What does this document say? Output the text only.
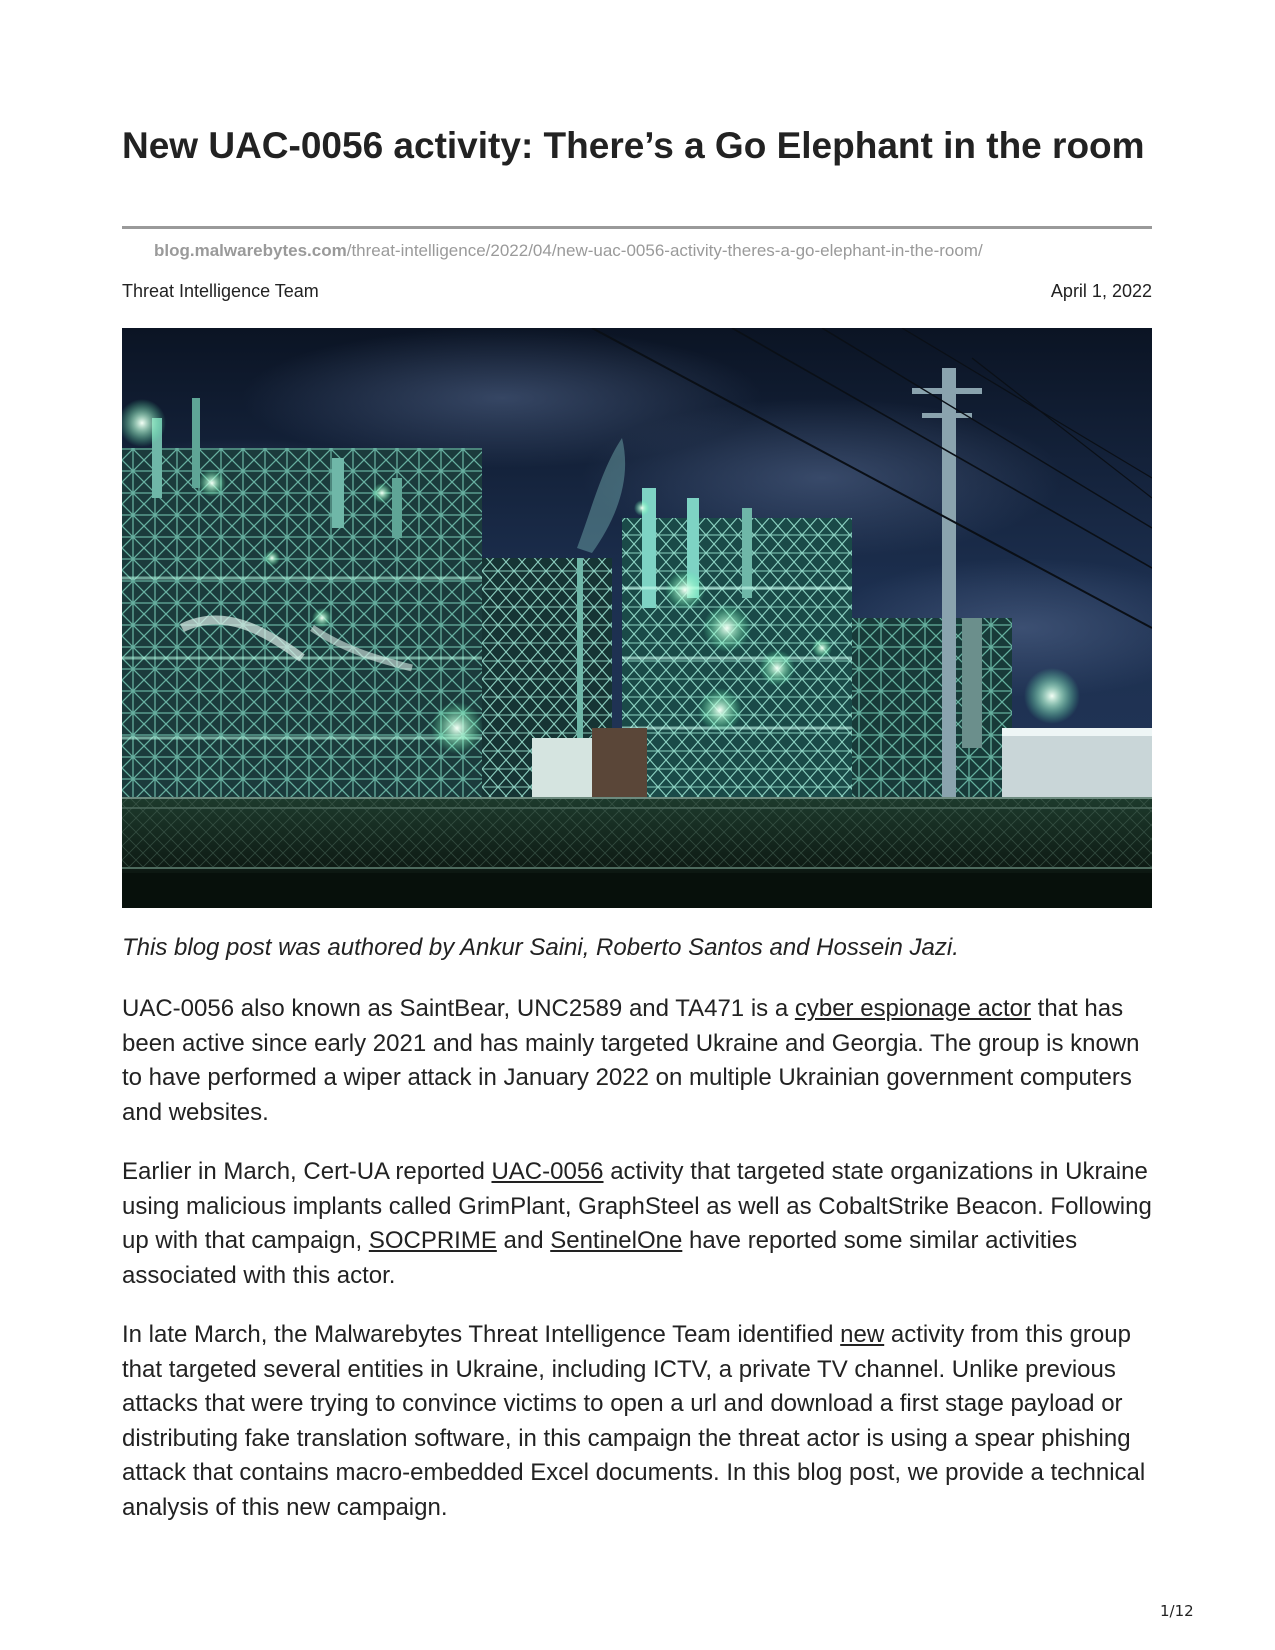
New UAC-0056 activity: There’s a Go Elephant in the room
blog.malwarebytes.com/threat-intelligence/2022/04/new-uac-0056-activity-theres-a-go-elephant-in-the-room/
Threat Intelligence Team	April 1, 2022
This blog post was authored by Ankur Saini, Roberto Santos and Hossein Jazi.

UAC-0056 also known as SaintBear, UNC2589 and TA471 is a cyber espionage actor that has been active since early 2021 and has mainly targeted Ukraine and Georgia. The group is known to have performed a wiper attack in January 2022 on multiple Ukrainian government computers and websites.

Earlier in March, Cert-UA reported UAC-0056 activity that targeted state organizations in Ukraine using malicious implants called GrimPlant, GraphSteel as well as CobaltStrike Beacon. Following up with that campaign, SOCPRIME and SentinelOne have reported some similar activities associated with this actor.

In late March, the Malwarebytes Threat Intelligence Team identified new activity from this group that targeted several entities in Ukraine, including ICTV, a private TV channel. Unlike previous attacks that were trying to convince victims to open a url and download a first stage payload or distributing fake translation software, in this campaign the threat actor is using a spear phishing attack that contains macro-embedded Excel documents. In this blog post, we provide a technical analysis of this new campaign.

1/12
